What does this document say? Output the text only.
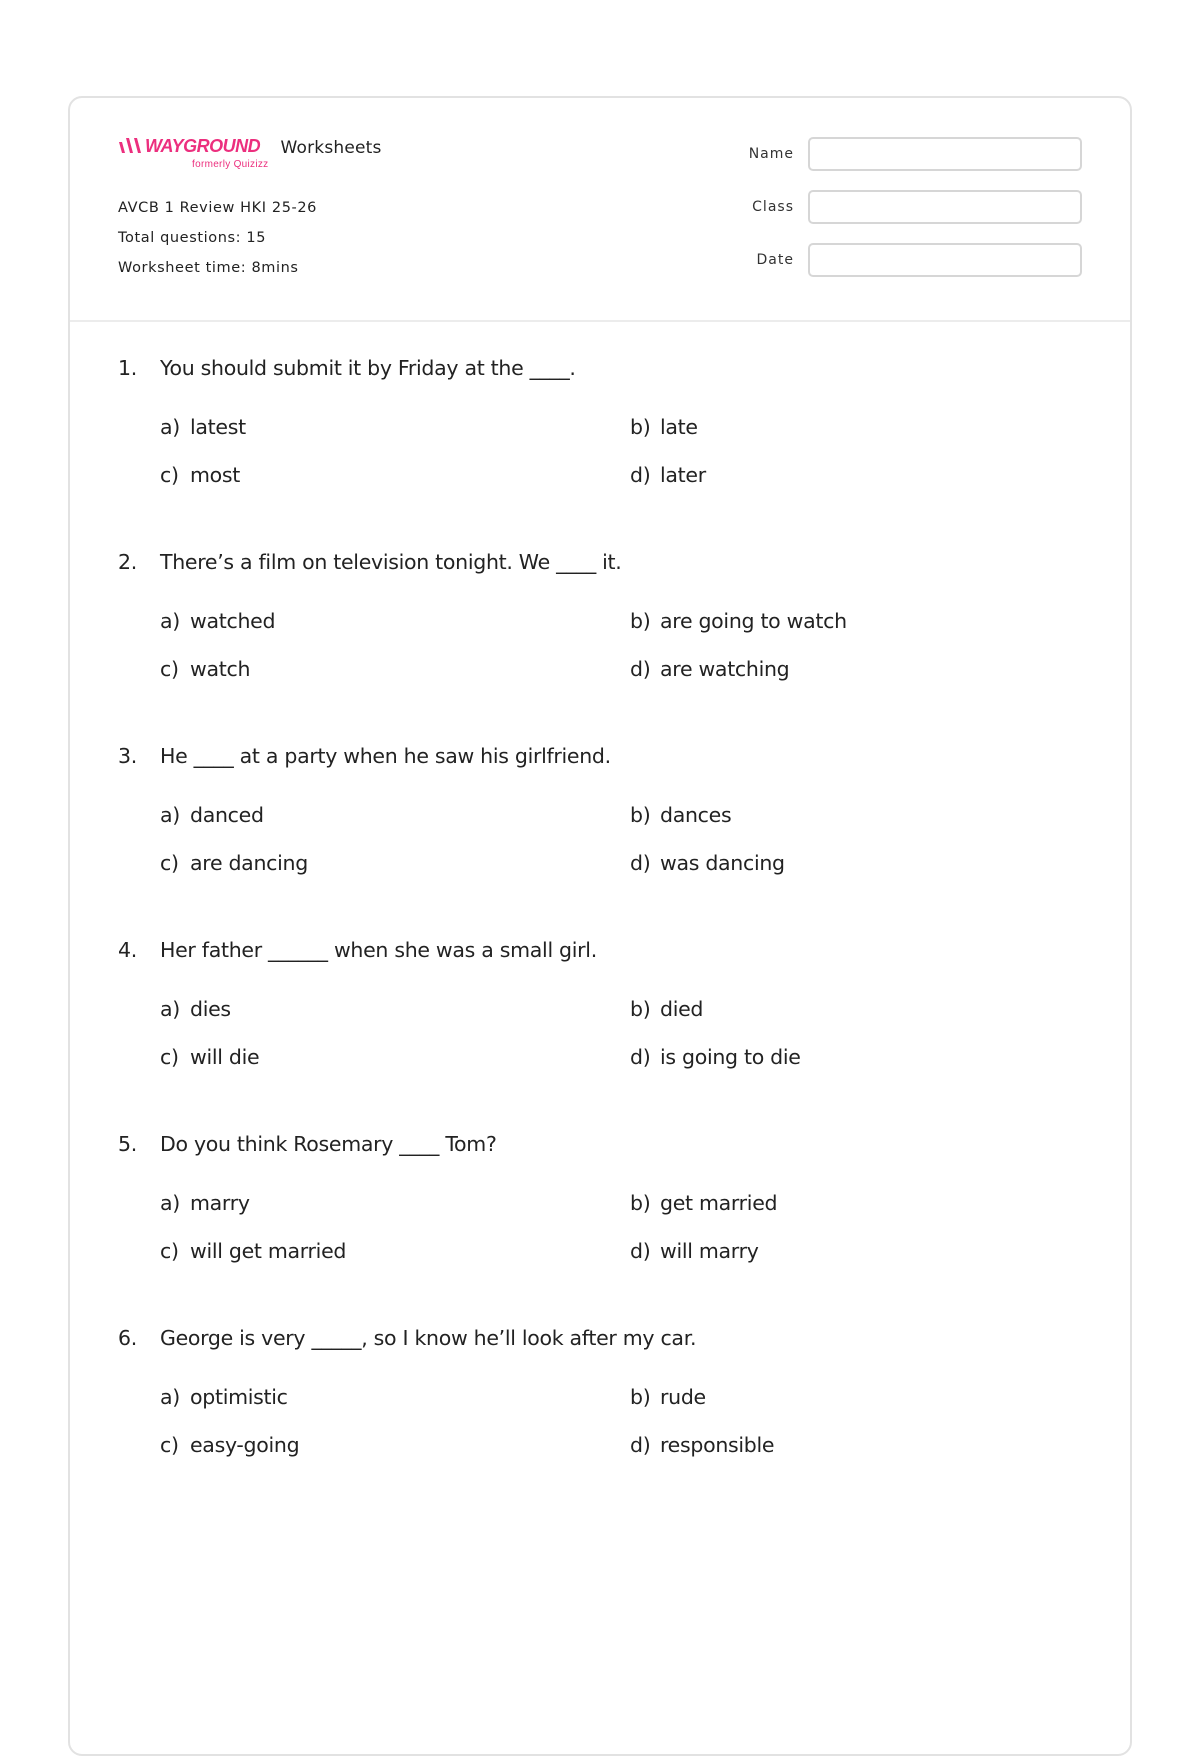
WAYGROUND
formerly Quizizz
Worksheets
AVCB 1 Review HKI 25-26
Total questions: 15
Worksheet time: 8mins
Name
Class
Date
1.	You should submit it by Friday at the ____.
a) latest	b) late
c) most	d) later
2.	There’s a film on television tonight. We ____ it.
a) watched	b) are going to watch
c) watch	d) are watching
3.	He ____ at a party when he saw his girlfriend.
a) danced	b) dances
c) are dancing	d) was dancing
4.	Her father ______ when she was a small girl.
a) dies	b) died
c) will die	d) is going to die
5.	Do you think Rosemary ____ Tom?
a) marry	b) get married
c) will get married	d) will marry
6.	George is very _____, so I know he’ll look after my car.
a) optimistic	b) rude
c) easy-going	d) responsible
